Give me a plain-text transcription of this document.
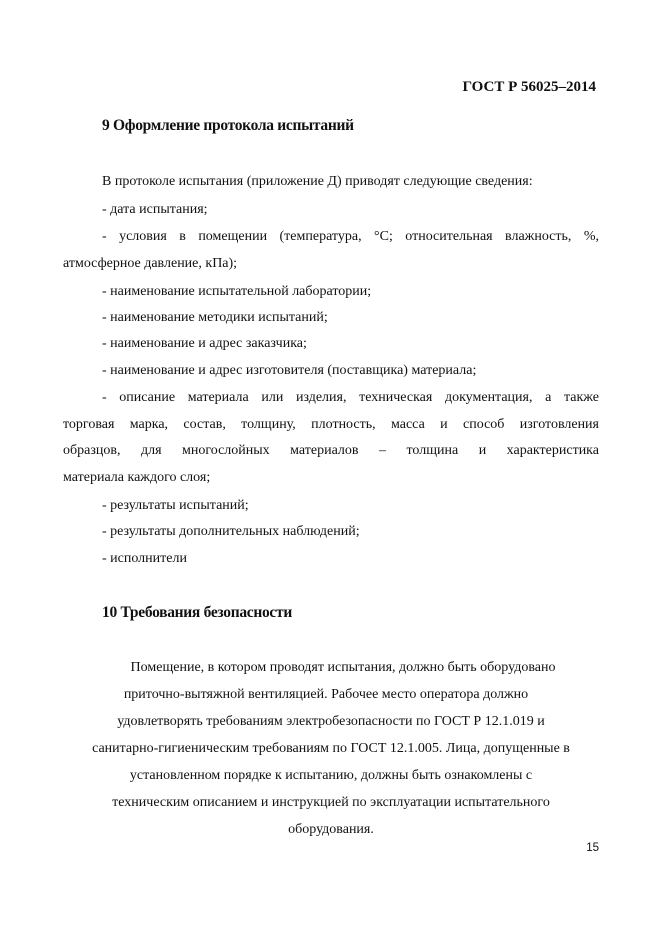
ГОСТ Р 56025–2014
9 Оформление протокола испытаний
В протоколе испытания (приложение Д) приводят следующие сведения:
- дата испытания;
- условия в помещении (температура, °С; относительная влажность, %,
атмосферное давление, кПа);
- наименование испытательной лаборатории;
- наименование методики испытаний;
- наименование и адрес заказчика;
- наименование и адрес изготовителя (поставщика) материала;
- описание материала или изделия, техническая документация, а также
торговая марка, состав, толщину, плотность, масса и способ изготовления
образцов, для многослойных материалов – толщина и характеристика
материала каждого слоя;
- результаты испытаний;
- результаты дополнительных наблюдений;
- исполнители
10 Требования безопасности
Помещение, в котором проводят испытания, должно быть оборудовано
приточно-вытяжной вентиляцией. Рабочее место оператора должно
удовлетворять требованиям электробезопасности по ГОСТ Р 12.1.019 и
санитарно-гигиеническим требованиям по ГОСТ 12.1.005. Лица, допущенные в
установленном порядке к испытанию, должны быть ознакомлены с
техническим описанием и инструкцией по эксплуатации испытательного
оборудования.
15
